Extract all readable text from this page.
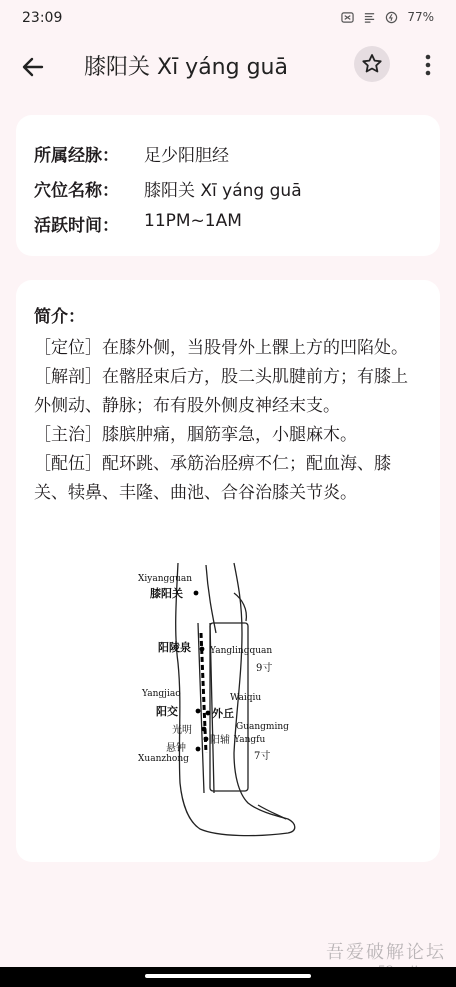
23:09	77%
膝阳关 Xī yáng guā
所属经脉：	足少阳胆经
穴位名称：	膝阳关 Xī yáng guā
活跃时间：	11PM~1AM
简介：

［定位］在膝外侧，当股骨外上髁上方的凹陷处。

［解剖］在髂胫束后方，股二头肌腱前方；有膝上外侧动、静脉；布有股外侧皮神经末支。

［主治］膝膑肿痛，腘筋挛急，小腿麻木。

［配伍］配环跳、承筋治胫痹不仁；配血海、膝关、犊鼻、丰隆、曲池、合谷治膝关节炎。

Xiyangguan
膝阳关
阳陵泉 Yanglingquan
9寸
Yangjiao	Waiqiu
阳交	外丘
光明	Guangming
阳辅 Yangfu
悬钟
Xuanzhong	7寸
吾爱破解论坛
